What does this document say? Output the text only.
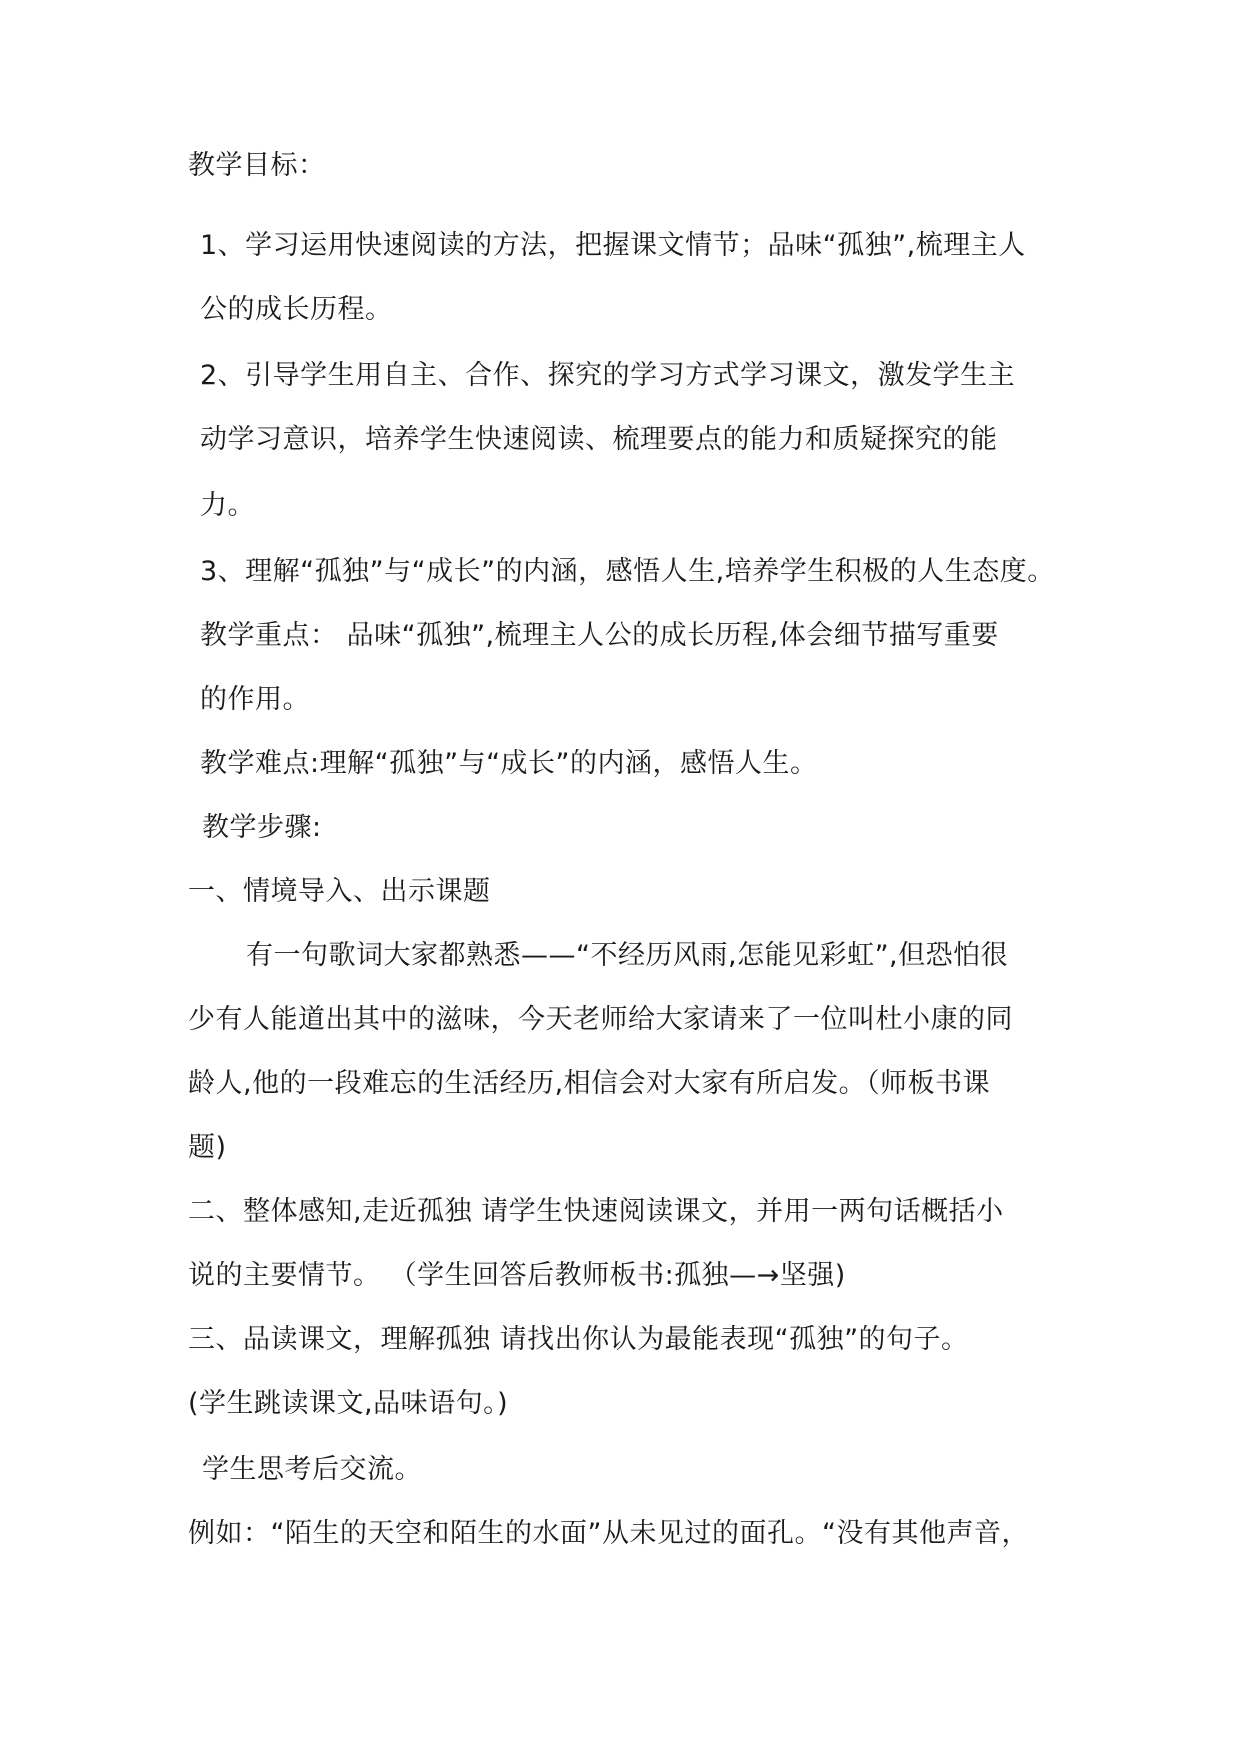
教学目标：

1、学习运用快速阅读的方法，把握课文情节；品味“孤独”,梳理主人

公的成长历程。

2、引导学生用自主、合作、探究的学习方式学习课文，激发学生主

动学习意识，培养学生快速阅读、梳理要点的能力和质疑探究的能

力。

3、理解“孤独”与“成长”的内涵，感悟人生,培养学生积极的人生态度。

教学重点： 品味“孤独”,梳理主人公的成长历程,体会细节描写重要

的作用。

教学难点:理解“孤独”与“成长”的内涵，感悟人生。

教学步骤:

一、情境导入、出示课题

有一句歌词大家都熟悉——“不经历风雨,怎能见彩虹”,但恐怕很

少有人能道出其中的滋味，今天老师给大家请来了一位叫杜小康的同

龄人,他的一段难忘的生活经历,相信会对大家有所启发。（师板书课

题)

二、整体感知,走近孤独 请学生快速阅读课文，并用一两句话概括小

说的主要情节。 （学生回答后教师板书:孤独—→坚强)

三、品读课文，理解孤独 请找出你认为最能表现“孤独”的句子。

(学生跳读课文,品味语句。)

学生思考后交流。

例如：“陌生的天空和陌生的水面”从未见过的面孔。“没有其他声音，
